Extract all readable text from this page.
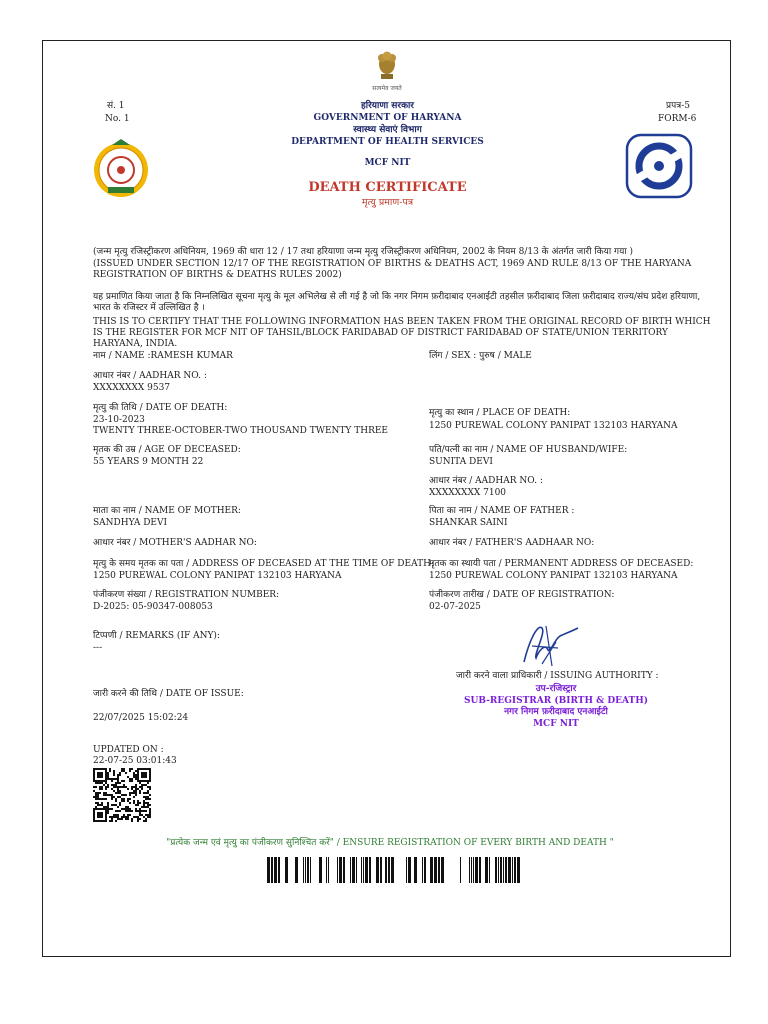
सत्यमेव जयते
सं. 1
No. 1
प्रपत्र-5
FORM-6
हरियाणा सरकार
GOVERNMENT OF HARYANA
स्वास्थ्य सेवाएं विभाग
DEPARTMENT OF HEALTH SERVICES
MCF NIT
DEATH CERTIFICATE
मृत्यु प्रमाण-पत्र
(जन्म मृत्यु रजिस्ट्रीकरण अधिनियम, 1969 की धारा 12 / 17 तथा हरियाणा जन्म मृत्यु रजिस्ट्रीकरण अधिनियम, 2002 के नियम 8/13 के अंतर्गत जारी किया गया )
(ISSUED UNDER SECTION 12/17 OF THE REGISTRATION OF BIRTHS & DEATHS ACT, 1969 AND RULE 8/13 OF THE HARYANA REGISTRATION OF BIRTHS & DEATHS RULES 2002)
यह प्रमाणित किया जाता है कि निम्नलिखित सूचना मृत्यु के मूल अभिलेख से ली गई है जो कि नगर निगम फ़रीदाबाद एनआईटी तहसील फ़रीदाबाद जिला फ़रीदाबाद राज्य/संघ प्रदेश हरियाणा, भारत के रजिस्टर में उल्लिखित है ।
THIS IS TO CERTIFY THAT THE FOLLOWING INFORMATION HAS BEEN TAKEN FROM THE ORIGINAL RECORD OF BIRTH WHICH IS THE REGISTER FOR MCF NIT OF TAHSIL/BLOCK FARIDABAD OF DISTRICT FARIDABAD OF STATE/UNION TERRITORY HARYANA, INDIA.
नाम / NAME :RAMESH KUMAR
आधार नंबर / AADHAR NO. :
XXXXXXXX 9537
मृत्यु की तिथि / DATE OF DEATH:
23-10-2023
TWENTY THREE-OCTOBER-TWO THOUSAND TWENTY THREE
मृतक की उम्र / AGE OF DECEASED:
55 YEARS 9 MONTH 22
माता का नाम / NAME OF MOTHER:
SANDHYA DEVI
आधार नंबर / MOTHER'S AADHAR NO:
मृत्यु के समय मृतक का पता / ADDRESS OF DECEASED AT THE TIME OF DEATH:
1250 PUREWAL COLONY PANIPAT 132103 HARYANA
पंजीकरण संख्या / REGISTRATION NUMBER:
D-2025: 05-90347-008053
टिप्पणी / REMARKS (IF ANY):
---
लिंग / SEX : पुरुष / MALE
मृत्यु का स्थान / PLACE OF DEATH:
1250 PUREWAL COLONY PANIPAT 132103 HARYANA
पति/पत्नी का नाम / NAME OF HUSBAND/WIFE:
SUNITA DEVI
आधार नंबर / AADHAR NO. :
XXXXXXXX 7100
पिता का नाम / NAME OF FATHER :
SHANKAR SAINI
आधार नंबर / FATHER'S AADHAAR NO:
मृतक का स्थायी पता / PERMANENT ADDRESS OF DECEASED:
1250 PUREWAL COLONY PANIPAT 132103 HARYANA
पंजीकरण तारीख / DATE OF REGISTRATION:
02-07-2025
जारी करने वाला प्राधिकारी / ISSUING AUTHORITY :
उप-रजिस्ट्रार
SUB-REGISTRAR (BIRTH & DEATH)
नगर निगम फ़रीदाबाद एनआईटी
MCF NIT
जारी करने की तिथि / DATE OF ISSUE:
22/07/2025 15:02:24
UPDATED ON :
22-07-25 03:01:43
"प्रत्येक जन्म एवं मृत्यु का पंजीकरण सुनिश्चित करें" / ENSURE REGISTRATION OF EVERY BIRTH AND DEATH "
